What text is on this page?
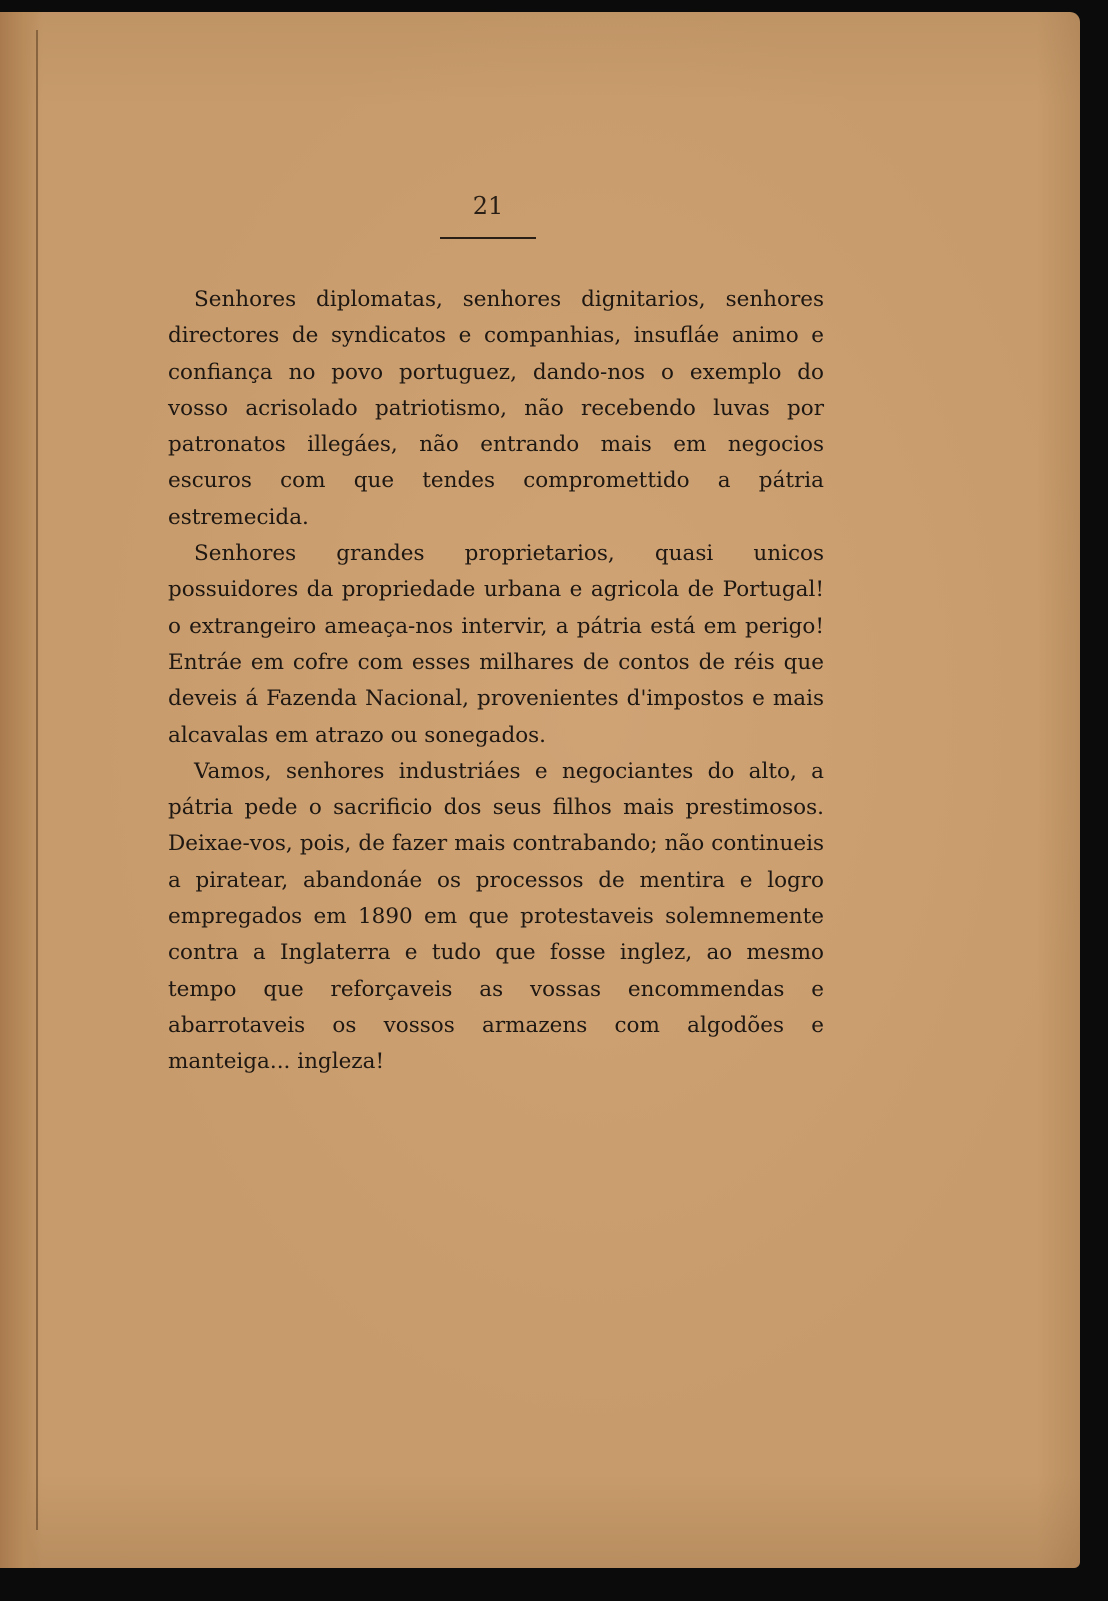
21

Senhores diplomatas, senhores dignitarios, senhores directores de syndicatos e companhias, insufláe animo e confiança no povo portuguez, dando-nos o exemplo do vosso acrisolado patriotismo, não recebendo luvas por patronatos illegáes, não entrando mais em negocios escuros com que tendes compromettido a pátria estremecida.

Senhores grandes proprietarios, quasi unicos possuidores da propriedade urbana e agricola de Portugal! o extrangeiro ameaça-nos intervir, a pátria está em perigo! Entráe em cofre com esses milhares de contos de réis que deveis á Fazenda Nacional, provenientes d'impostos e mais alcavalas em atrazo ou sonegados.

Vamos, senhores industriáes e negociantes do alto, a pátria pede o sacrificio dos seus filhos mais prestimosos. Deixae-vos, pois, de fazer mais contrabando; não continueis a piratear, abandonáe os processos de mentira e logro empregados em 1890 em que protestaveis solemnemente contra a Inglaterra e tudo que fosse inglez, ao mesmo tempo que reforçaveis as vossas encommendas e abarrotaveis os vossos armazens com algodões e manteiga... ingleza!
